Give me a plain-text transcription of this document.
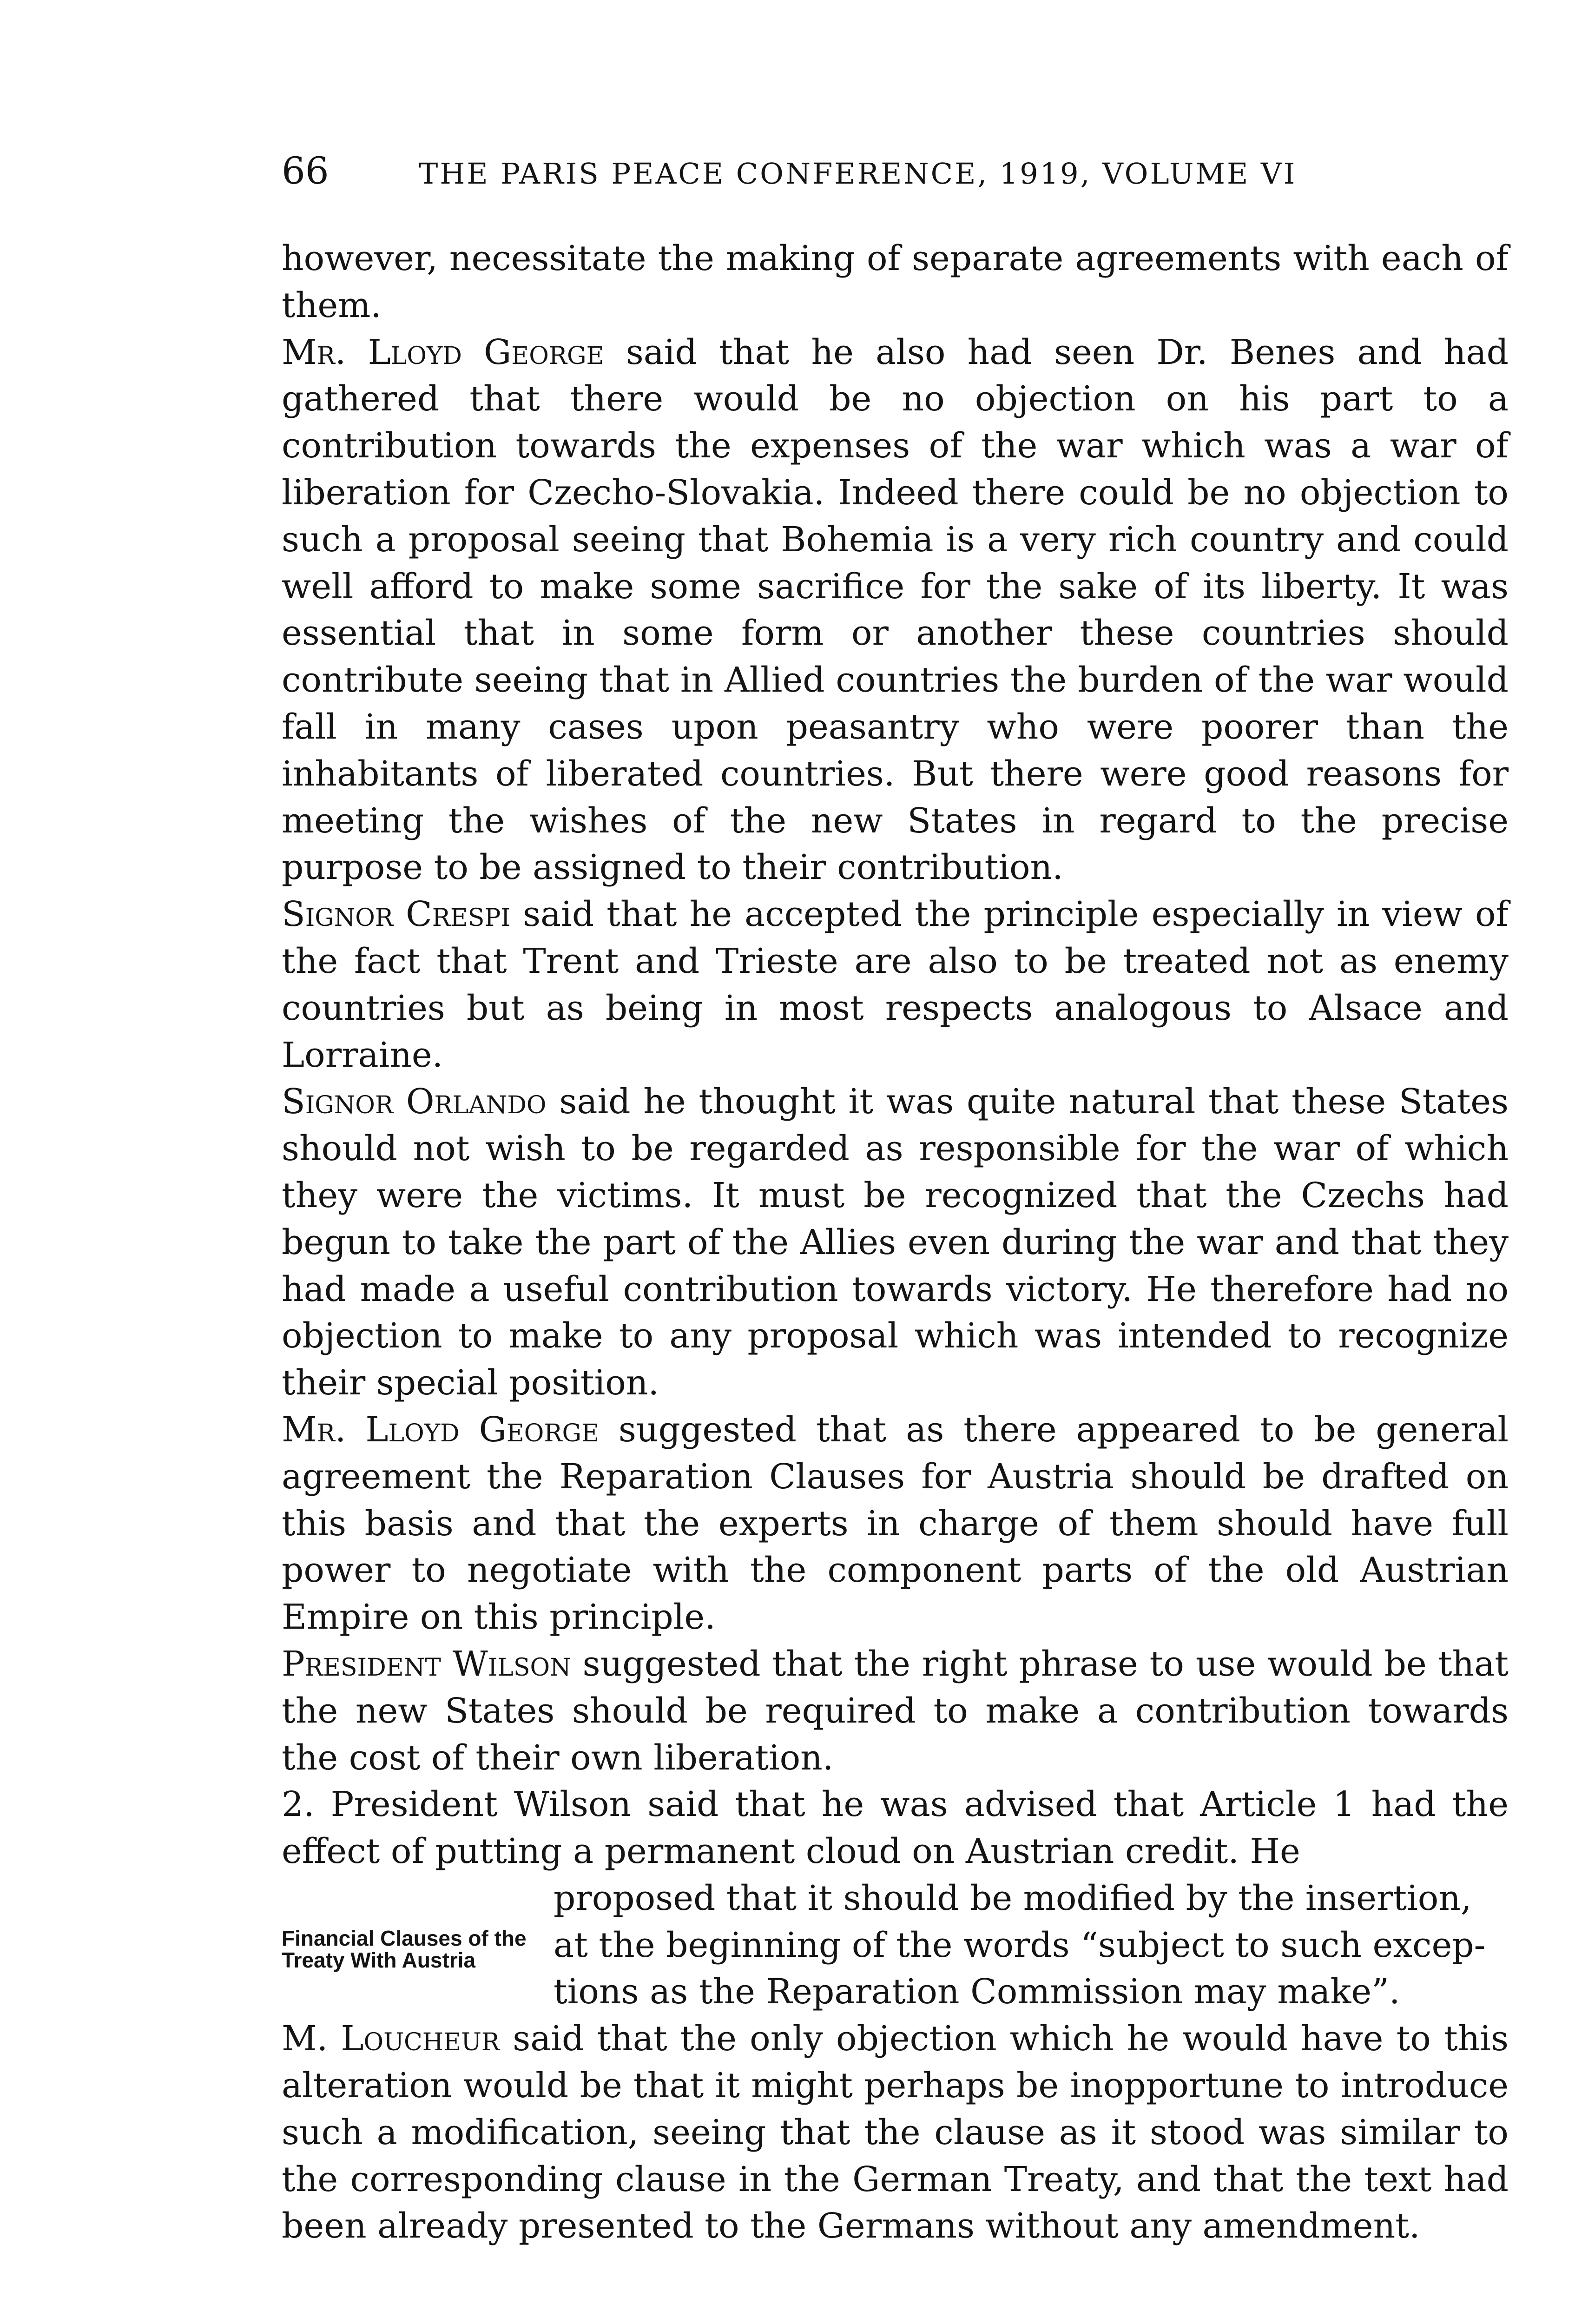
66	THE PARIS PEACE CONFERENCE, 1919, VOLUME VI

however, necessitate the making of separate agreements with each of them.

Mr. Lloyd George said that he also had seen Dr. Benes and had gathered that there would be no objection on his part to a contribution towards the expenses of the war which was a war of liberation for Czecho-Slovakia. Indeed there could be no objection to such a proposal seeing that Bohemia is a very rich country and could well afford to make some sacrifice for the sake of its liberty. It was essential that in some form or another these countries should contribute seeing that in Allied countries the burden of the war would fall in many cases upon peasantry who were poorer than the inhabitants of liberated countries. But there were good reasons for meeting the wishes of the new States in regard to the precise purpose to be assigned to their contribution.

Signor Crespi said that he accepted the principle especially in view of the fact that Trent and Trieste are also to be treated not as enemy countries but as being in most respects analogous to Alsace and Lorraine.

Signor Orlando said he thought it was quite natural that these States should not wish to be regarded as responsible for the war of which they were the victims. It must be recognized that the Czechs had begun to take the part of the Allies even during the war and that they had made a useful contribution towards victory. He therefore had no objection to make to any proposal which was intended to recognize their special position.

Mr. Lloyd George suggested that as there appeared to be general agreement the Reparation Clauses for Austria should be drafted on this basis and that the experts in charge of them should have full power to negotiate with the component parts of the old Austrian Empire on this principle.

President Wilson suggested that the right phrase to use would be that the new States should be required to make a contribution towards the cost of their own liberation.

2. President Wilson said that he was advised that Article 1 had the effect of putting a permanent cloud on Austrian credit. He

Financial Clauses of the Treaty With Austria
proposed that it should be modified by the insertion,
at the beginning of the words “subject to such excep-
tions as the Reparation Commission may make”.

M. Loucheur said that the only objection which he would have to this alteration would be that it might perhaps be inopportune to introduce such a modification, seeing that the clause as it stood was similar to the corresponding clause in the German Treaty, and that the text had been already presented to the Germans without any amendment.
